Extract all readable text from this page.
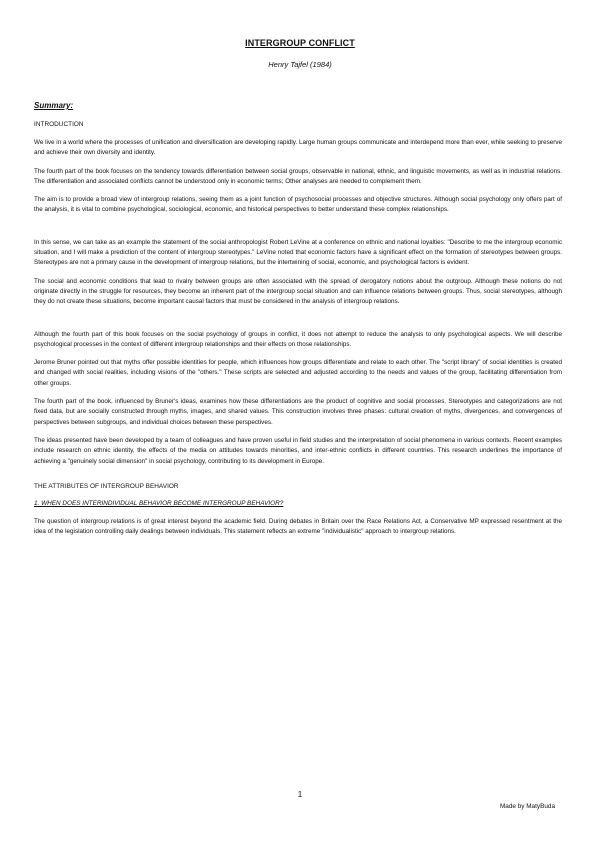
INTERGROUP CONFLICT
Henry Tajfel (1984)
Summary:
INTRODUCTION

We live in a world where the processes of unification and diversification are developing rapidly. Large human groups communicate and interdepend more than ever, while seeking to preserve and achieve their own diversity and identity.

The fourth part of the book focuses on the tendency towards differentiation between social groups, observable in national, ethnic, and linguistic movements, as well as in industrial relations. The differentiation and associated conflicts cannot be understood only in economic terms; Other analyses are needed to complement them.

The aim is to provide a broad view of intergroup relations, seeing them as a joint function of psychosocial processes and objective structures. Although social psychology only offers part of the analysis, it is vital to combine psychological, sociological, economic, and historical perspectives to better understand these complex relationships.

In this sense, we can take as an example the statement of the social anthropologist Robert LeVine at a conference on ethnic and national loyalties: "Describe to me the intergroup economic situation, and I will make a prediction of the content of intergroup stereotypes." LeVine noted that economic factors have a significant effect on the formation of stereotypes between groups. Stereotypes are not a primary cause in the development of intergroup relations, but the intertwining of social, economic, and psychological factors is evident.

The social and economic conditions that lead to rivalry between groups are often associated with the spread of derogatory notions about the outgroup. Although these notions do not originate directly in the struggle for resources, they become an inherent part of the intergroup social situation and can influence relations between groups. Thus, social stereotypes, although they do not create these situations, become important causal factors that must be considered in the analysis of intergroup relations.

Although the fourth part of this book focuses on the social psychology of groups in conflict, it does not attempt to reduce the analysis to only psychological aspects. We will describe psychological processes in the context of different intergroup relationships and their effects on those relationships.

Jerome Bruner pointed out that myths offer possible identities for people, which influences how groups differentiate and relate to each other. The "script library" of social identities is created and changed with social realities, including visions of the "others." These scripts are selected and adjusted according to the needs and values of the group, facilitating differentiation from other groups.

The fourth part of the book, influenced by Bruner's ideas, examines how these differentiations are the product of cognitive and social processes. Stereotypes and categorizations are not fixed data, but are socially constructed through myths, images, and shared values. This construction involves three phases: cultural creation of myths, divergences, and convergences of perspectives between subgroups, and individual choices between these perspectives.

The ideas presented have been developed by a team of colleagues and have proven useful in field studies and the interpretation of social phenomena in various contexts. Recent examples include research on ethnic identity, the effects of the media on attitudes towards minorities, and inter-ethnic conflicts in different countries. This research underlines the importance of achieving a "genuinely social dimension" in social psychology, contributing to its development in Europe.

THE ATTRIBUTES OF INTERGROUP BEHAVIOR
1. WHEN DOES INTERINDIVIDUAL BEHAVIOR BECOME INTERGROUP BEHAVIOR?

The question of intergroup relations is of great interest beyond the academic field. During debates in Britain over the Race Relations Act, a Conservative MP expressed resentment at the idea of the legislation controlling daily dealings between individuals. This statement reflects an extreme "individualistic" approach to intergroup relations.

1
Made by MatyBuda
